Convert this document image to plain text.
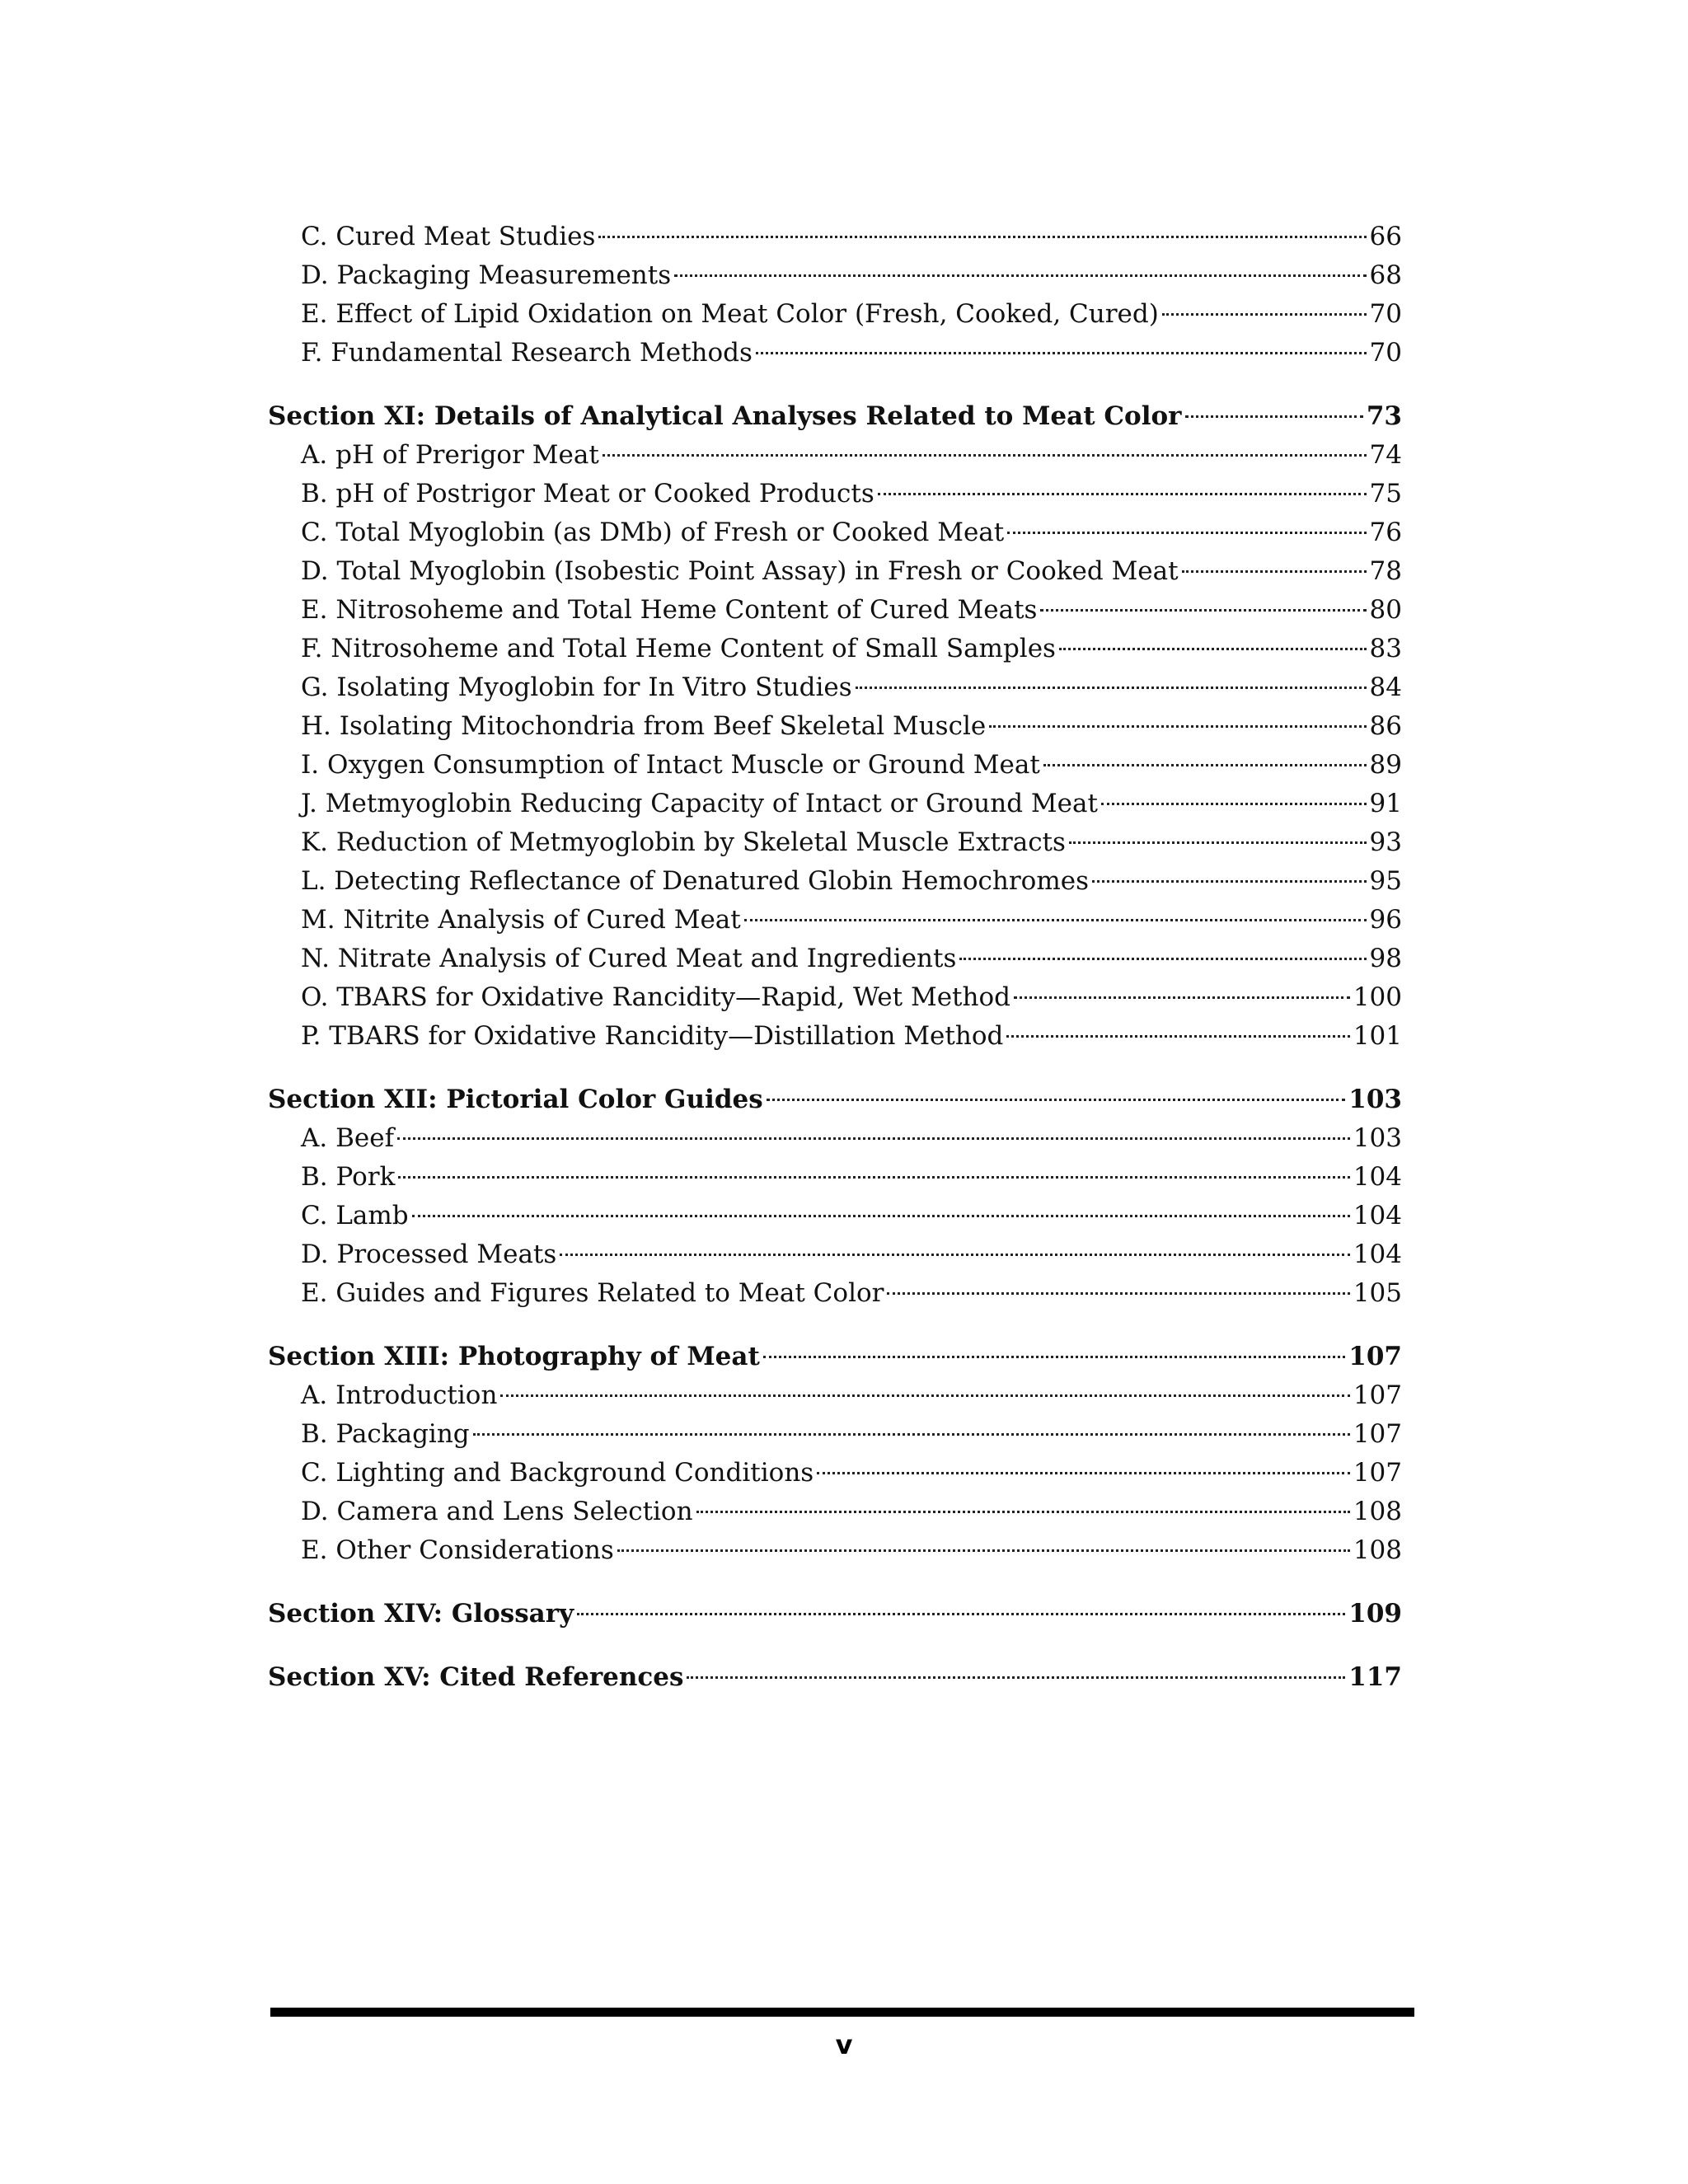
C. Cured Meat Studies	66
D. Packaging Measurements	68
E. Effect of Lipid Oxidation on Meat Color (Fresh, Cooked, Cured)	70
F. Fundamental Research Methods	70
Section XI: Details of Analytical Analyses Related to Meat Color	73
A. pH of Prerigor Meat	74
B. pH of Postrigor Meat or Cooked Products	75
C. Total Myoglobin (as DMb) of Fresh or Cooked Meat	76
D. Total Myoglobin (Isobestic Point Assay) in Fresh or Cooked Meat	78
E. Nitrosoheme and Total Heme Content of Cured Meats	80
F. Nitrosoheme and Total Heme Content of Small Samples	83
G. Isolating Myoglobin for In Vitro Studies	84
H. Isolating Mitochondria from Beef Skeletal Muscle	86
I. Oxygen Consumption of Intact Muscle or Ground Meat	89
J. Metmyoglobin Reducing Capacity of Intact or Ground Meat	91
K. Reduction of Metmyoglobin by Skeletal Muscle Extracts	93
L. Detecting Reflectance of Denatured Globin Hemochromes	95
M. Nitrite Analysis of Cured Meat	96
N. Nitrate Analysis of Cured Meat and Ingredients	98
O. TBARS for Oxidative Rancidity—Rapid, Wet Method	100
P. TBARS for Oxidative Rancidity—Distillation Method	101
Section XII: Pictorial Color Guides	103
A. Beef	103
B. Pork	104
C. Lamb	104
D. Processed Meats	104
E. Guides and Figures Related to Meat Color	105
Section XIII: Photography of Meat	107
A. Introduction	107
B. Packaging	107
C. Lighting and Background Conditions	107
D. Camera and Lens Selection	108
E. Other Considerations	108
Section XIV: Glossary	109
Section XV: Cited References	117
v
